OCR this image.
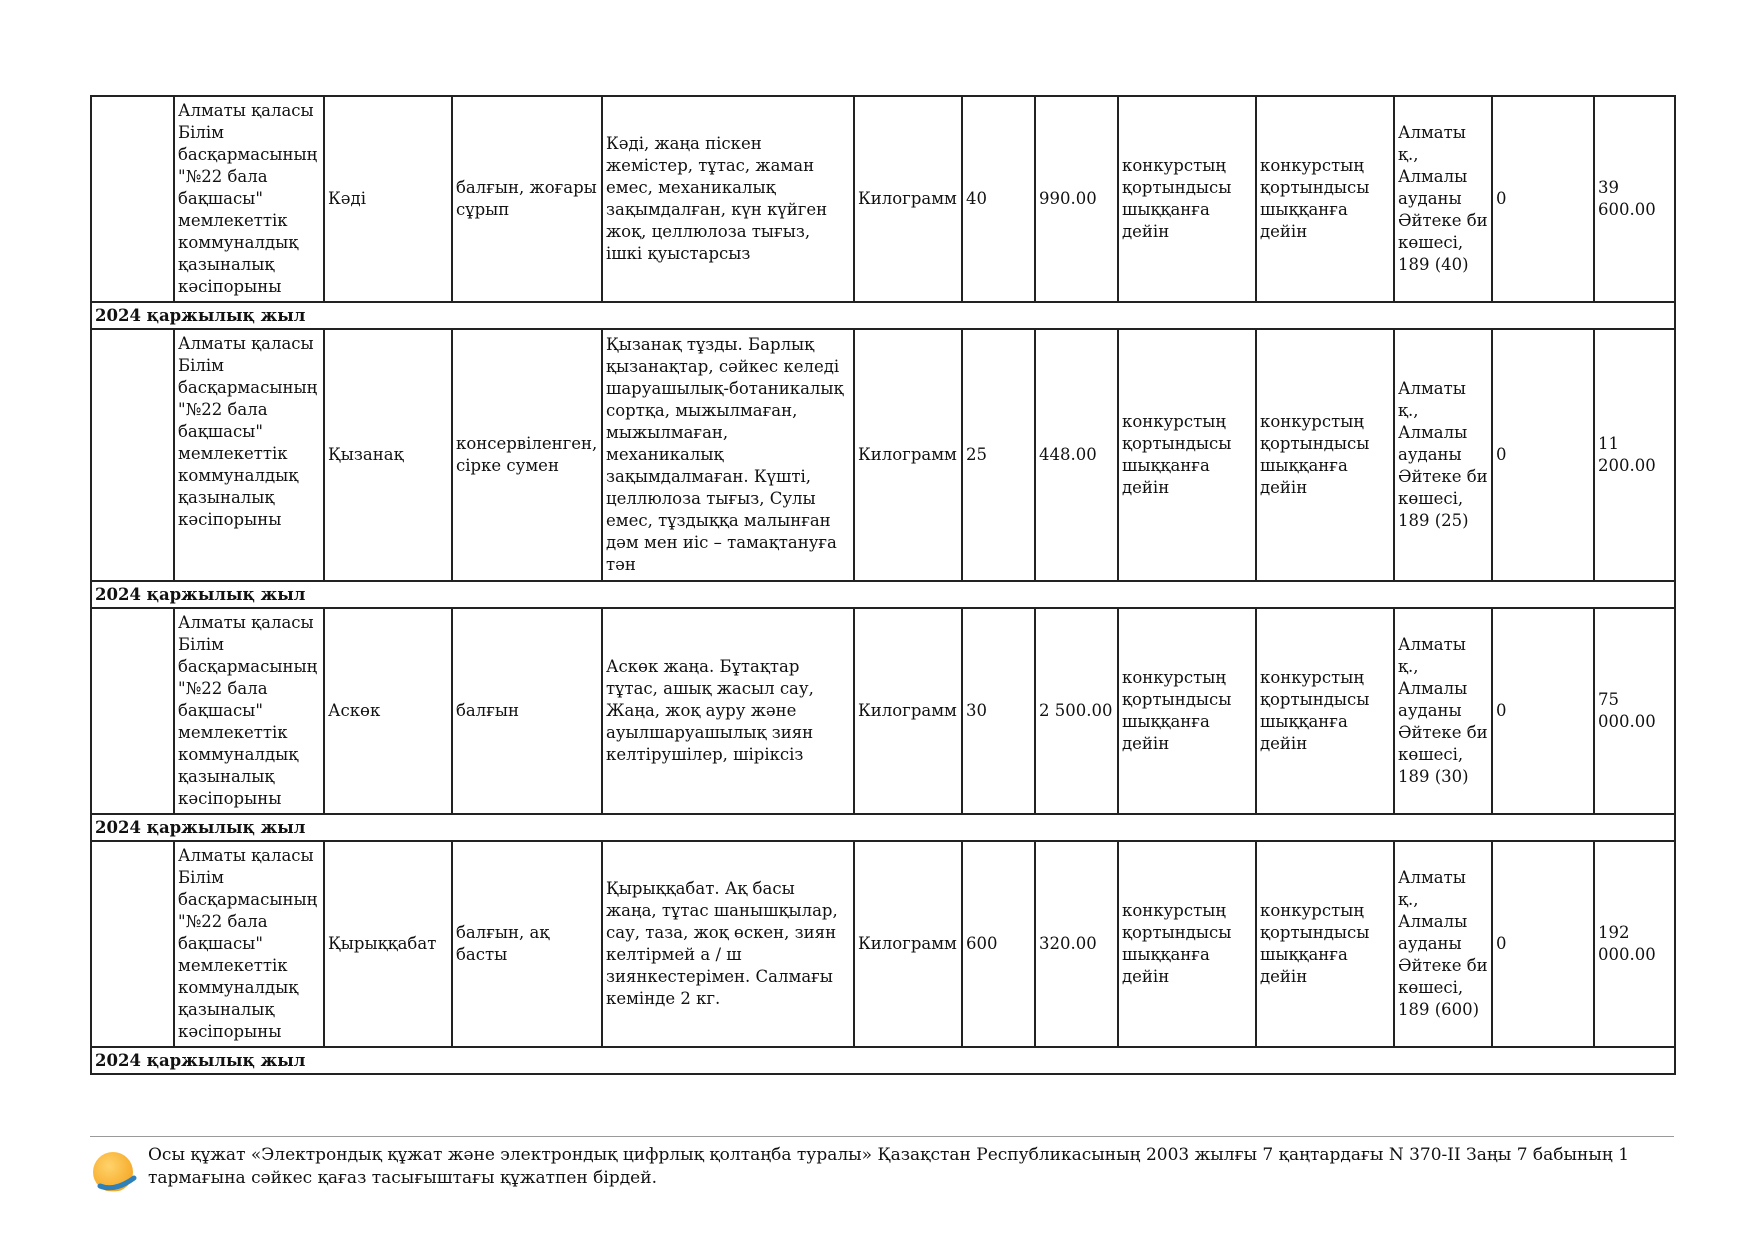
	Алматы қаласы Білім басқармасының "№22 бала бақшасы" мемлекеттік коммуналдық қазыналық кәсіпорыны	Кәді	балғын, жоғары сұрып	Кәді, жаңа піскен жемістер, тұтас, жаман емес, механикалық зақымдалған, күн күйген жоқ, целлюлоза тығыз, ішкі қуыстарсыз	Килограмм	40	990.00	конкурстың қортындысы шыққанға дейін	конкурстың қортындысы шыққанға дейін	Алматы қ., Алмалы ауданы Әйтеке би көшесі, 189 (40)	0	39 600.00
2024 қаржылық жыл												
	Алматы қаласы Білім басқармасының "№22 бала бақшасы" мемлекеттік коммуналдық қазыналық кәсіпорыны	Қызанақ	консервіленген, сірке сумен	Қызанақ тұзды. Барлық қызанақтар, сәйкес келеді шаруашылық-ботаникалық сортқа, мыжылмаған, мыжылмаған, механикалық зақымдалмаған. Күшті, целлюлоза тығыз, Сулы емес, тұздыққа малынған дәм мен иіс – тамақтануға тән	Килограмм	25	448.00	конкурстың қортындысы шыққанға дейін	конкурстың қортындысы шыққанға дейін	Алматы қ., Алмалы ауданы Әйтеке би көшесі, 189 (25)	0	11 200.00
2024 қаржылық жыл												
	Алматы қаласы Білім басқармасының "№22 бала бақшасы" мемлекеттік коммуналдық қазыналық кәсіпорыны	Аскөк	балғын	Аскөк жаңа. Бұтақтар тұтас, ашық жасыл сау, Жаңа, жоқ ауру және ауылшаруашылық зиян келтірушілер, шіріксіз	Килограмм	30	2 500.00	конкурстың қортындысы шыққанға дейін	конкурстың қортындысы шыққанға дейін	Алматы қ., Алмалы ауданы Әйтеке би көшесі, 189 (30)	0	75 000.00
2024 қаржылық жыл												
	Алматы қаласы Білім басқармасының "№22 бала бақшасы" мемлекеттік коммуналдық қазыналық кәсіпорыны	Қырыққабат	балғын, ақ басты	Қырыққабат. Ақ басы жаңа, тұтас шанышқылар, сау, таза, жоқ өскен, зиян келтірмей а / ш зиянкестерімен. Салмағы кемінде 2 кг.	Килограмм	600	320.00	конкурстың қортындысы шыққанға дейін	конкурстың қортындысы шыққанға дейін	Алматы қ., Алмалы ауданы Әйтеке би көшесі, 189 (600)	0	192 000.00
2024 қаржылық жыл												
Осы құжат «Электрондық құжат және электрондық цифрлық қолтаңба туралы» Қазақстан Республикасының 2003 жылғы 7 қаңтардағы N 370-II Заңы 7 бабының 1 тармағына сәйкес қағаз тасығыштағы құжатпен бірдей.
